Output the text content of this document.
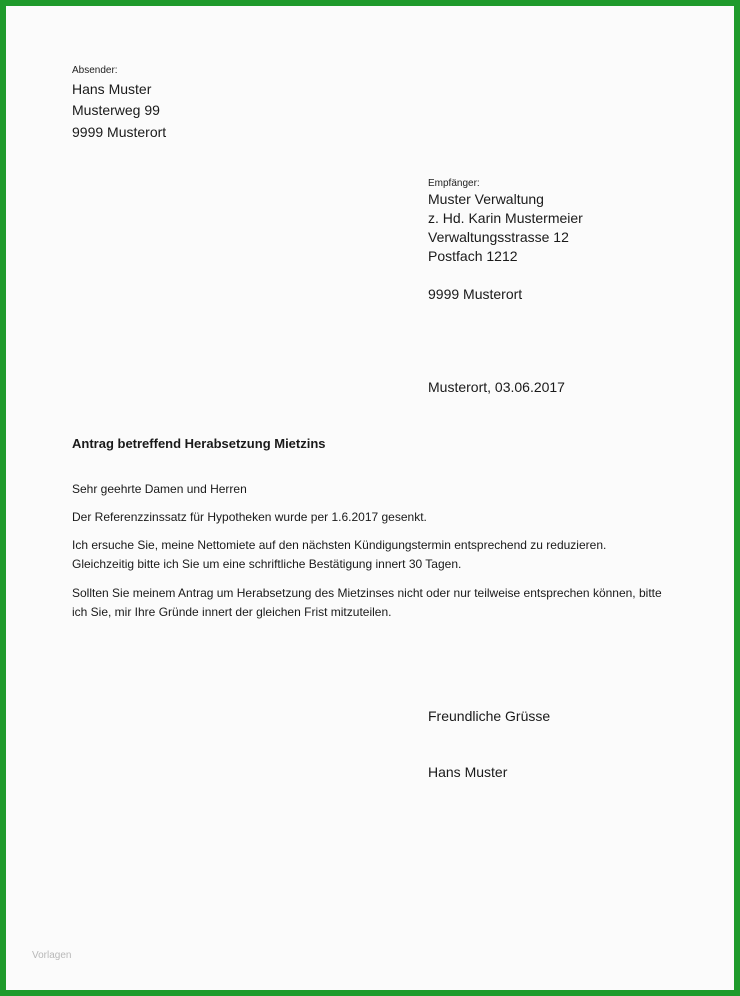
Absender:
Hans Muster
Musterweg 99
9999 Musterort
Empfänger:
Muster Verwaltung
z. Hd. Karin Mustermeier
Verwaltungsstrasse 12
Postfach 1212
9999 Musterort
Musterort, 03.06.2017
Antrag betreffend Herabsetzung Mietzins
Sehr geehrte Damen und Herren
Der Referenzzinssatz für Hypotheken wurde per 1.6.2017 gesenkt.
Ich ersuche Sie, meine Nettomiete auf den nächsten Kündigungstermin entsprechend zu reduzieren.
Gleichzeitig bitte ich Sie um eine schriftliche Bestätigung innert 30 Tagen.
Sollten Sie meinem Antrag um Herabsetzung des Mietzinses nicht oder nur teilweise entsprechen können, bitte
ich Sie, mir Ihre Gründe innert der gleichen Frist mitzuteilen.
Freundliche Grüsse
Hans Muster
Vorlagen
